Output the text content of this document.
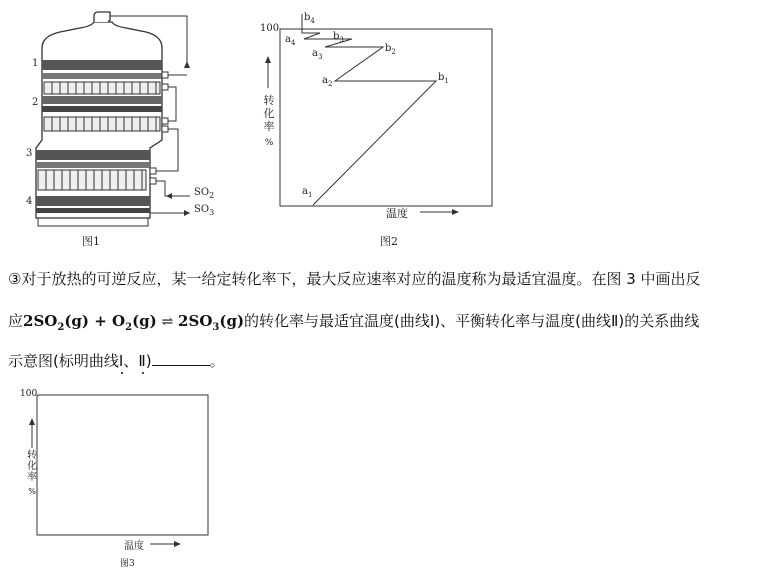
1
2
3
4
$SO_2$
$SO_3$
图1
100
转
化
率
%
温度
$a_1$
$b_1$
$a_2$
$b_2$
$a_3$
$b_3$
$a_4$
$b_4$
图2
③对于放热的可逆反应，某一给定转化率下，最大反应速率对应的温度称为最适宜温度。在图 3 中画出反
应$2SO_2(g) + O_2(g)$ ⇌ $2SO_3(g)$的转化率与最适宜温度(曲线Ⅰ)、平衡转化率与温度(曲线Ⅱ)的关系曲线
示意图(标明曲线Ⅰ、Ⅱ)	。
100
转
化
率
%
温度
图3
